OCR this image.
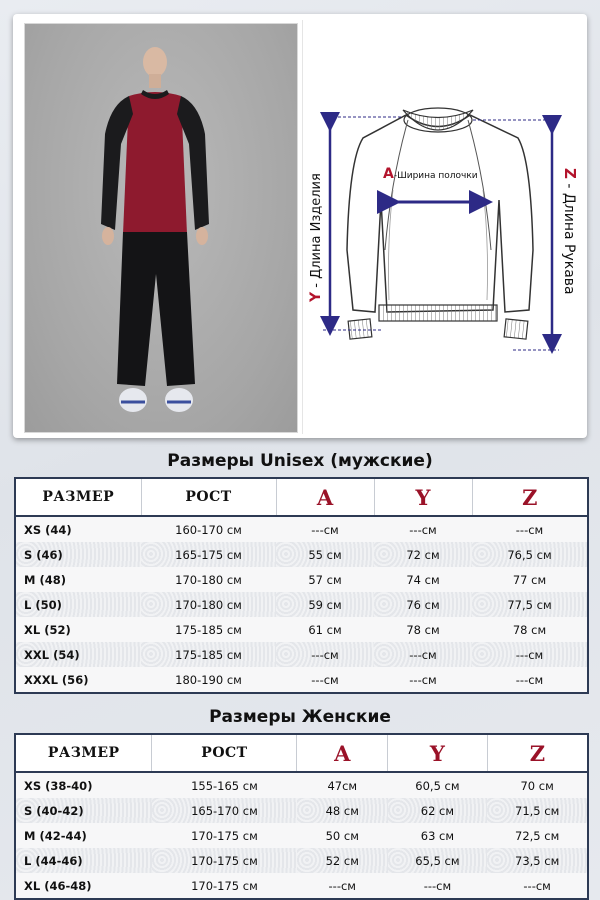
A-Ширина полочки
Y - Длина Изделия	Z - Длина Рукава
Размеры Unisex (мужские)
РАЗМЕР	РОСТ	A	Y	Z
XS (44)	160-170 см	---см	---см	---см
S (46)	165-175 см	55 см	72 см	76,5 см
M (48)	170-180 см	57 см	74 см	77 см
L (50)	170-180 см	59 см	76 см	77,5 см
XL (52)	175-185 см	61 см	78 см	78 см
XXL (54)	175-185 см	---см	---см	---см
XXXL (56)	180-190 см	---см	---см	---см
Размеры Женские
РАЗМЕР	РОСТ	A	Y	Z
XS (38-40)	155-165 см	47см	60,5 см	70 см
S (40-42)	165-170 см	48 см	62 см	71,5 см
M (42-44)	170-175 см	50 см	63 см	72,5 см
L (44-46)	170-175 см	52 см	65,5 см	73,5 см
XL (46-48)	170-175 см	---см	---см	---см
